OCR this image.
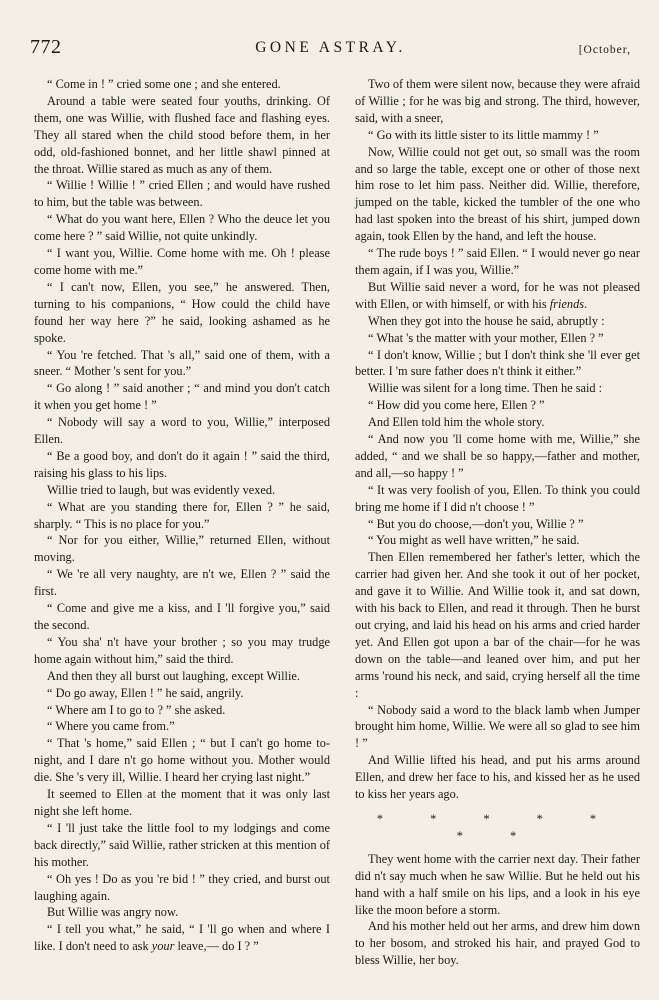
772	GONE ASTRAY.	[October,

“ Come in ! ” cried some one ; and she entered.

Around a table were seated four youths, drinking. Of them, one was Willie, with flushed face and flashing eyes. They all stared when the child stood before them, in her odd, old-fashioned bonnet, and her little shawl pinned at the throat. Willie stared as much as any of them.

“ Willie ! Willie ! ” cried Ellen ; and would have rushed to him, but the table was between.

“ What do you want here, Ellen ? Who the deuce let you come here ? ” said Willie, not quite unkindly.

“ I want you, Willie. Come home with me. Oh ! please come home with me.”

“ I can't now, Ellen, you see,” he answered. Then, turning to his companions, “ How could the child have found her way here ?” he said, looking ashamed as he spoke.

“ You 're fetched. That 's all,” said one of them, with a sneer. “ Mother 's sent for you.”

“ Go along ! ” said another ; “ and mind you don't catch it when you get home ! ”

“ Nobody will say a word to you, Willie,” interposed Ellen.

“ Be a good boy, and don't do it again ! ” said the third, raising his glass to his lips.

Willie tried to laugh, but was evidently vexed.

“ What are you standing there for, Ellen ? ” he said, sharply. “ This is no place for you.”

“ Nor for you either, Willie,” returned Ellen, without moving.

“ We 're all very naughty, are n't we, Ellen ? ” said the first.

“ Come and give me a kiss, and I 'll forgive you,” said the second.

“ You sha' n't have your brother ; so you may trudge home again without him,” said the third.

And then they all burst out laughing, except Willie.

“ Do go away, Ellen ! ” he said, angrily.

“ Where am I to go to ? ” she asked.

“ Where you came from.”

“ That 's home,” said Ellen ; “ but I can't go home to-night, and I dare n't go home without you. Mother would die. She 's very ill, Willie. I heard her crying last night.”

It seemed to Ellen at the moment that it was only last night she left home.

“ I 'll just take the little fool to my lodgings and come back directly,” said Willie, rather stricken at this mention of his mother.

“ Oh yes ! Do as you 're bid ! ” they cried, and burst out laughing again.

But Willie was angry now.

“ I tell you what,” he said, “ I 'll go when and where I like. I don't need to ask your leave,— do I ? ”

Two of them were silent now, because they were afraid of Willie ; for he was big and strong. The third, however, said, with a sneer,

“ Go with its little sister to its little mammy ! ”

Now, Willie could not get out, so small was the room and so large the table, except one or other of those next him rose to let him pass. Neither did. Willie, therefore, jumped on the table, kicked the tumbler of the one who had last spoken into the breast of his shirt, jumped down again, took Ellen by the hand, and left the house.

“ The rude boys ! ” said Ellen. “ I would never go near them again, if I was you, Willie.”

But Willie said never a word, for he was not pleased with Ellen, or with himself, or with his friends.

When they got into the house he said, abruptly :

“ What 's the matter with your mother, Ellen ? ”

“ I don't know, Willie ; but I don't think she 'll ever get better. I 'm sure father does n't think it either.”

Willie was silent for a long time. Then he said :

“ How did you come here, Ellen ? ”

And Ellen told him the whole story.

“ And now you 'll come home with me, Willie,” she added, “ and we shall be so happy,—father and mother, and all,—so happy ! ”

“ It was very foolish of you, Ellen. To think you could bring me home if I did n't choose ! ”

“ But you do choose,—don't you, Willie ? ”

“ You might as well have written,” he said.

Then Ellen remembered her father's letter, which the carrier had given her. And she took it out of her pocket, and gave it to Willie. And Willie took it, and sat down, with his back to Ellen, and read it through. Then he burst out crying, and laid his head on his arms and cried harder yet. And Ellen got upon a bar of the chair—for he was down on the table—and leaned over him, and put her arms 'round his neck, and said, crying herself all the time :

“ Nobody said a word to the black lamb when Jumper brought him home, Willie. We were all so glad to see him ! ”

And Willie lifted his head, and put his arms around Ellen, and drew her face to his, and kissed her as he used to kiss her years ago.

* * * * * * *

They went home with the carrier next day. Their father did n't say much when he saw Willie. But he held out his hand with a half smile on his lips, and a look in his eye like the moon before a storm.

And his mother held out her arms, and drew him down to her bosom, and stroked his hair, and prayed God to bless Willie, her boy.
